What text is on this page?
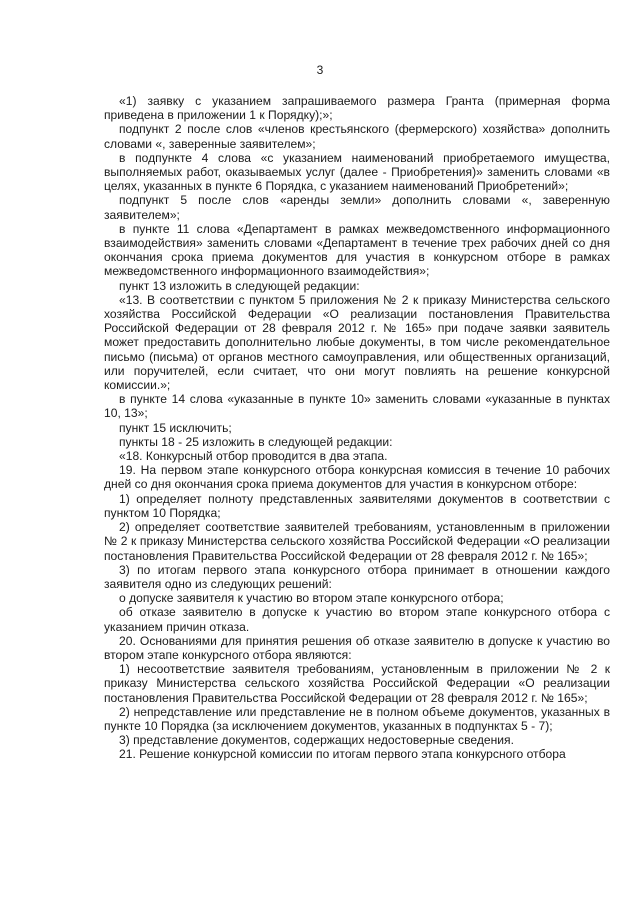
3

«1) заявку с указанием запрашиваемого размера Гранта (примерная форма приведена в приложении 1 к Порядку);»;

подпункт 2 после слов «членов крестьянского (фермерского) хозяйства» дополнить словами «, заверенные заявителем»;

в подпункте 4 слова «с указанием наименований приобретаемого имущества, выполняемых работ, оказываемых услуг (далее - Приобретения)» заменить словами «в целях, указанных в пункте 6 Порядка, с указанием наименований Приобретений»;

подпункт 5 после слов «аренды земли» дополнить словами «, заверенную заявителем»;

в пункте 11 слова «Департамент в рамках межведомственного информационного взаимодействия» заменить словами «Департамент в течение трех рабочих дней со дня окончания срока приема документов для участия в конкурсном отборе в рамках межведомственного информационного взаимодействия»;

пункт 13 изложить в следующей редакции:

«13. В соответствии с пунктом 5 приложения № 2 к приказу Министерства сельского хозяйства Российской Федерации «О реализации постановления Правительства Российской Федерации от 28 февраля 2012 г. № 165» при подаче заявки заявитель может предоставить дополнительно любые документы, в том числе рекомендательное письмо (письма) от органов местного самоуправления, или общественных организаций, или поручителей, если считает, что они могут повлиять на решение конкурсной комиссии.»;

в пункте 14 слова «указанные в пункте 10» заменить словами «указанные в пунктах 10, 13»;

пункт 15 исключить;

пункты 18 - 25 изложить в следующей редакции:

«18. Конкурсный отбор проводится в два этапа.

19. На первом этапе конкурсного отбора конкурсная комиссия в течение 10 рабочих дней со дня окончания срока приема документов для участия в конкурсном отборе:

1) определяет полноту представленных заявителями документов в соответствии с пунктом 10 Порядка;

2) определяет соответствие заявителей требованиям, установленным в приложении № 2 к приказу Министерства сельского хозяйства Российской Федерации «О реализации постановления Правительства Российской Федерации от 28 февраля 2012 г. № 165»;

3) по итогам первого этапа конкурсного отбора принимает в отношении каждого заявителя одно из следующих решений:

о допуске заявителя к участию во втором этапе конкурсного отбора;

об отказе заявителю в допуске к участию во втором этапе конкурсного отбора с указанием причин отказа.

20. Основаниями для принятия решения об отказе заявителю в допуске к участию во втором этапе конкурсного отбора являются:

1) несоответствие заявителя требованиям, установленным в приложении № 2 к приказу Министерства сельского хозяйства Российской Федерации «О реализации постановления Правительства Российской Федерации от 28 февраля 2012 г. № 165»;

2) непредставление или представление не в полном объеме документов, указанных в пункте 10 Порядка (за исключением документов, указанных в подпунктах 5 - 7);

3) представление документов, содержащих недостоверные сведения.

21. Решение конкурсной комиссии по итогам первого этапа конкурсного отбора
